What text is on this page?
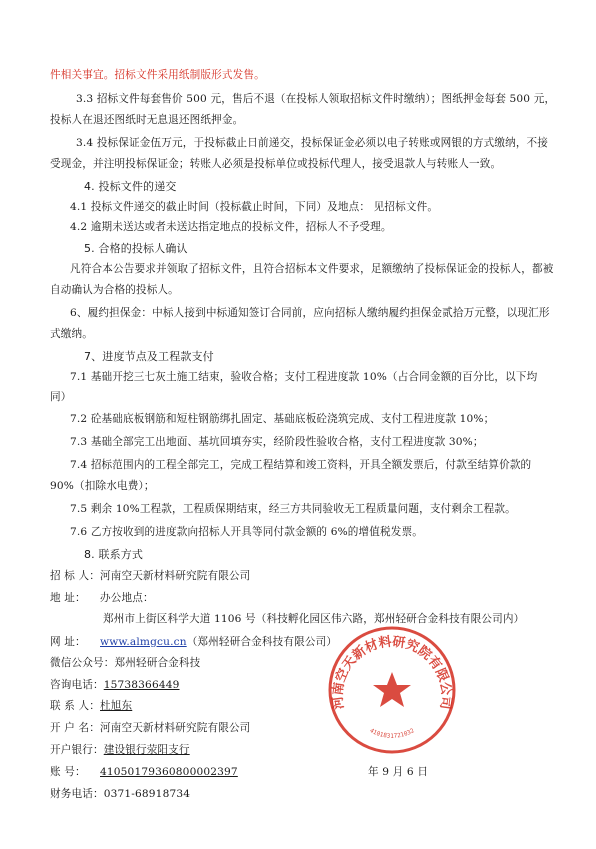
件相关事宜。招标文件采用纸制版形式发售。
3.3 招标文件每套售价 500 元，售后不退（在投标人领取招标文件时缴纳）；图纸押金每套 500 元，
投标人在退还图纸时无息退还图纸押金。
3.4 投标保证金伍万元，于投标截止日前递交，投标保证金必须以电子转账或网银的方式缴纳，不接
受现金，并注明投标保证金；转账人必须是投标单位或投标代理人，接受退款人与转账人一致。
4. 投标文件的递交
4.1 投标文件递交的截止时间（投标截止时间，下同）及地点： 见招标文件。
4.2 逾期未送达或者未送达指定地点的投标文件，招标人不予受理。
5. 合格的投标人确认
凡符合本公告要求并领取了招标文件，且符合招标本文件要求，足额缴纳了投标保证金的投标人，都被
自动确认为合格的投标人。
6、履约担保金：中标人接到中标通知签订合同前，应向招标人缴纳履约担保金贰拾万元整，以现汇形
式缴纳。
7、进度节点及工程款支付
7.1 基础开挖三七灰土施工结束，验收合格；支付工程进度款 10%（占合同金额的百分比，以下均
同）
7.2 砼基础底板钢筋和短柱钢筋绑扎固定、基础底板砼浇筑完成、支付工程进度款 10%；
7.3 基础全部完工出地面、基坑回填夯实，经阶段性验收合格，支付工程进度款 30%；
7.4 招标范围内的工程全部完工，完成工程结算和竣工资料，开具全额发票后，付款至结算价款的
90%（扣除水电费）；
7.5 剩余 10%工程款，工程质保期结束，经三方共同验收无工程质量问题，支付剩余工程款。
7.6 乙方按收到的进度款向招标人开具等同付款金额的 6%的增值税发票。
8. 联系方式
招 标 人：河南空天新材料研究院有限公司
地 址： 办公地点：
郑州市上街区科学大道 1106 号（科技孵化园区伟六路，郑州轻研合金科技有限公司内）
网 址： www.almgcu.cn（郑州轻研合金科技有限公司）
微信公众号：郑州轻研合金科技
咨询电话：15738366449
联 系 人：杜旭东
开 户 名：河南空天新材料研究院有限公司
开户银行：建设银行荥阳支行
账 号： 41050179360800002397
财务电话：0371-68918734
年 9 月 6 日
河南空天新材料研究院有限公司
4101831721032
